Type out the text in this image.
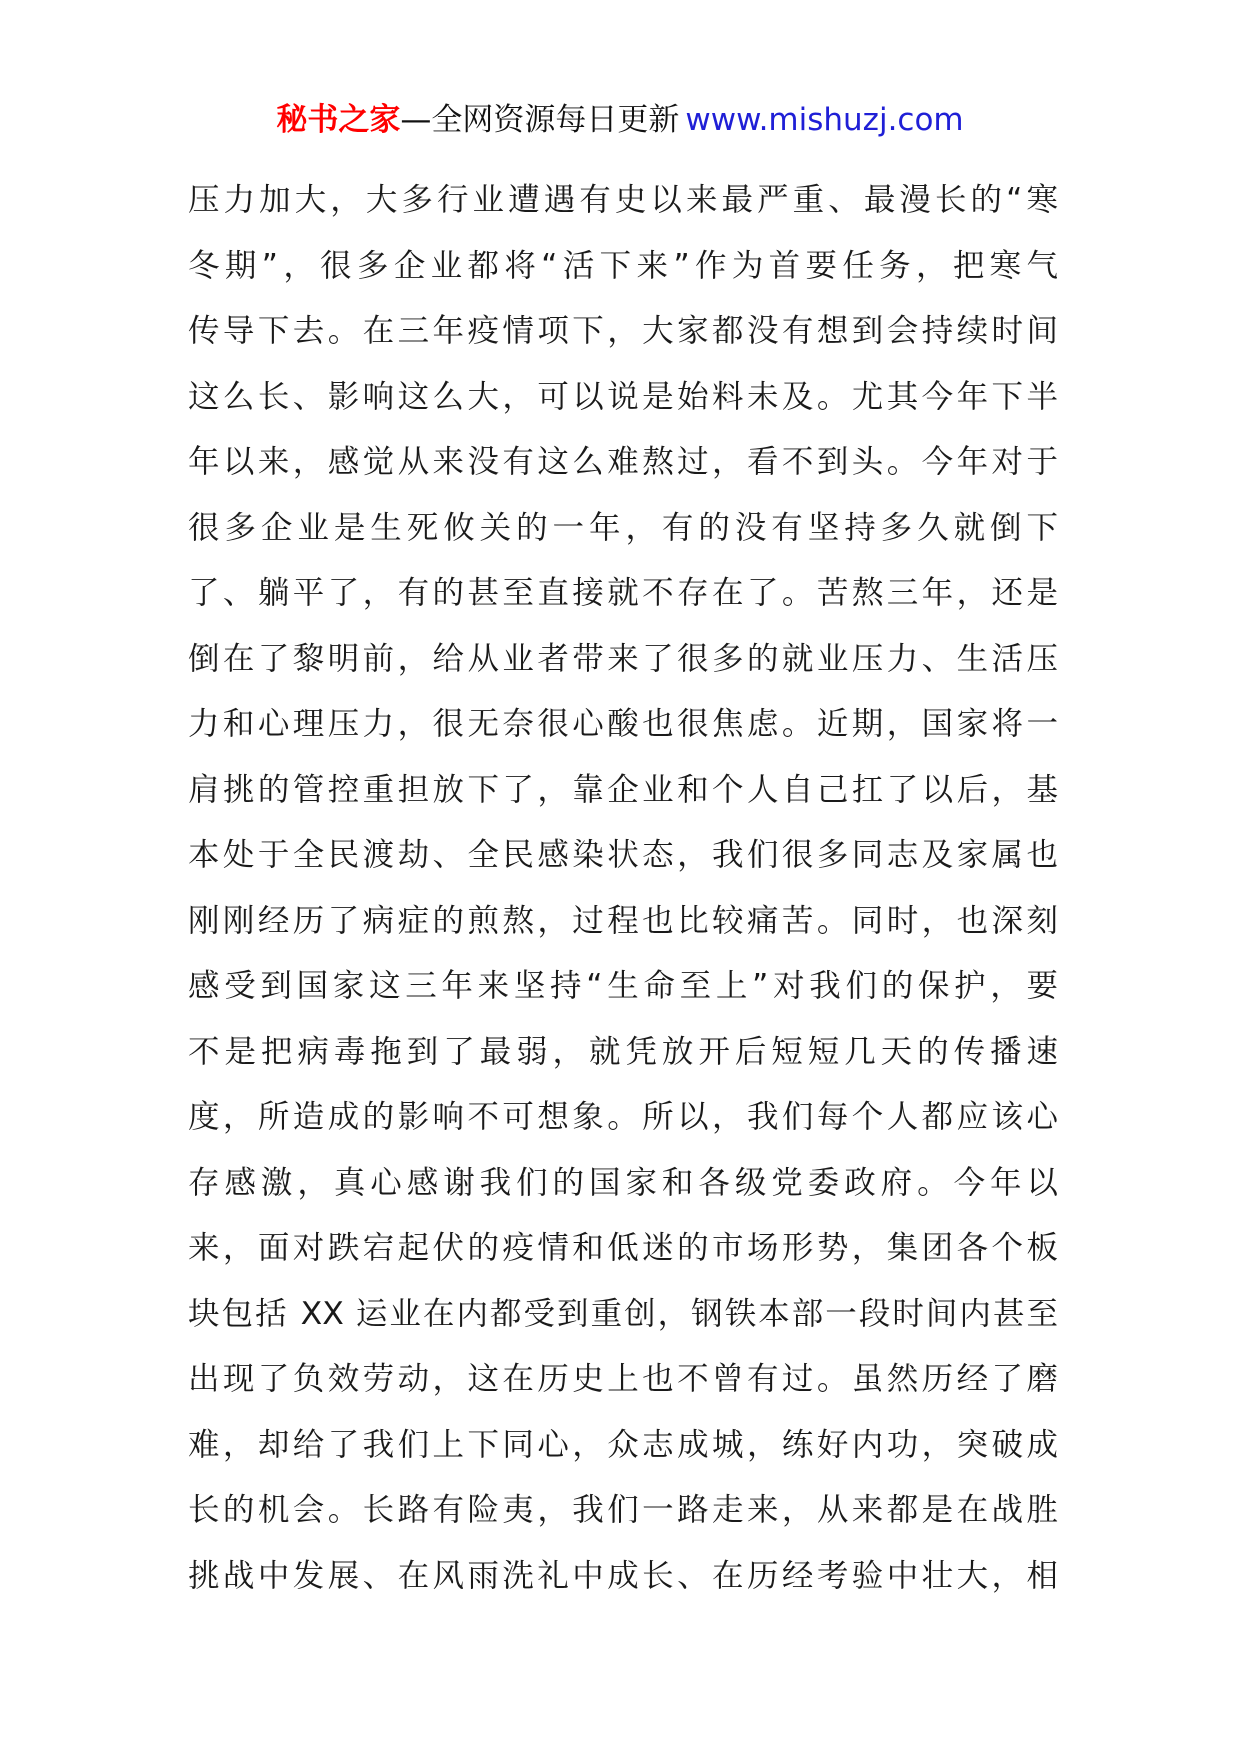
秘书之家—全网资源每日更新 www.mishuzj.com
压力加大，大多行业遭遇有史以来最严重、最漫长的“寒
冬期”，很多企业都将“活下来”作为首要任务，把寒气
传导下去。在三年疫情项下，大家都没有想到会持续时间
这么长、影响这么大，可以说是始料未及。尤其今年下半
年以来，感觉从来没有这么难熬过，看不到头。今年对于
很多企业是生死攸关的一年，有的没有坚持多久就倒下
了、躺平了，有的甚至直接就不存在了。苦熬三年，还是
倒在了黎明前，给从业者带来了很多的就业压力、生活压
力和心理压力，很无奈很心酸也很焦虑。近期，国家将一
肩挑的管控重担放下了，靠企业和个人自己扛了以后，基
本处于全民渡劫、全民感染状态，我们很多同志及家属也
刚刚经历了病症的煎熬，过程也比较痛苦。同时，也深刻
感受到国家这三年来坚持“生命至上”对我们的保护，要
不是把病毒拖到了最弱，就凭放开后短短几天的传播速
度，所造成的影响不可想象。所以，我们每个人都应该心
存感激，真心感谢我们的国家和各级党委政府。今年以
来，面对跌宕起伏的疫情和低迷的市场形势，集团各个板
块包括 XX 运业在内都受到重创，钢铁本部一段时间内甚至
出现了负效劳动，这在历史上也不曾有过。虽然历经了磨
难，却给了我们上下同心，众志成城，练好内功，突破成
长的机会。长路有险夷，我们一路走来，从来都是在战胜
挑战中发展、在风雨洗礼中成长、在历经考验中壮大，相
